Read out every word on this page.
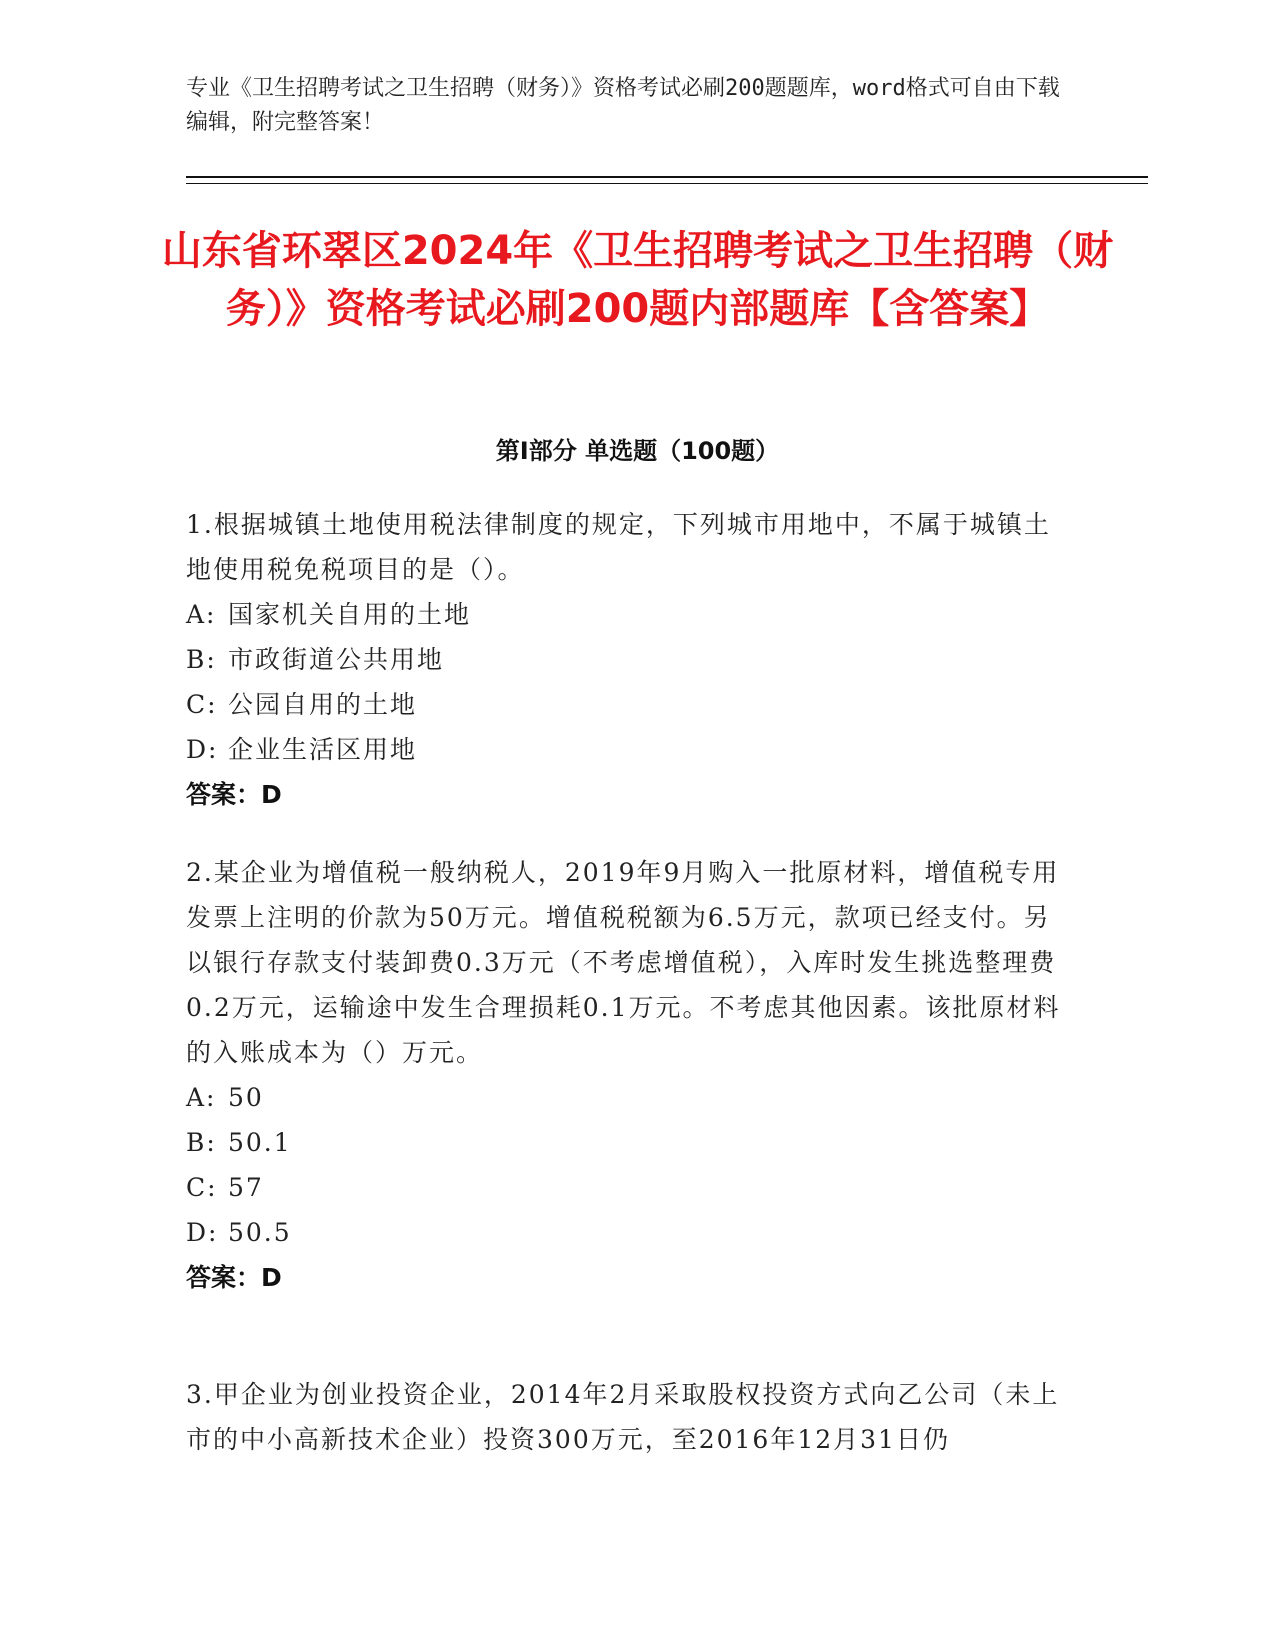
专业《卫生招聘考试之卫生招聘（财务）》资格考试必刷200题题库，word格式可自由下载编辑，附完整答案！
山东省环翠区2024年《卫生招聘考试之卫生招聘（财务）》资格考试必刷200题内部题库【含答案】
第Ⅰ部分 单选题（100题）

1.根据城镇土地使用税法律制度的规定，下列城市用地中，不属于城镇土地使用税免税项目的是（）。

A: 国家机关自用的土地

B: 市政街道公共用地

C: 公园自用的土地

D: 企业生活区用地

答案：D

2.某企业为增值税一般纳税人，2019年9月购入一批原材料，增值税专用发票上注明的价款为50万元。增值税税额为6.5万元，款项已经支付。另以银行存款支付装卸费0.3万元（不考虑增值税），入库时发生挑选整理费0.2万元，运输途中发生合理损耗0.1万元。不考虑其他因素。该批原材料的入账成本为（）万元。

A: 50

B: 50.1

C: 57

D: 50.5

答案：D

3.甲企业为创业投资企业，2014年2月采取股权投资方式向乙公司（未上市的中小高新技术企业）投资300万元，至2016年12月31日仍
